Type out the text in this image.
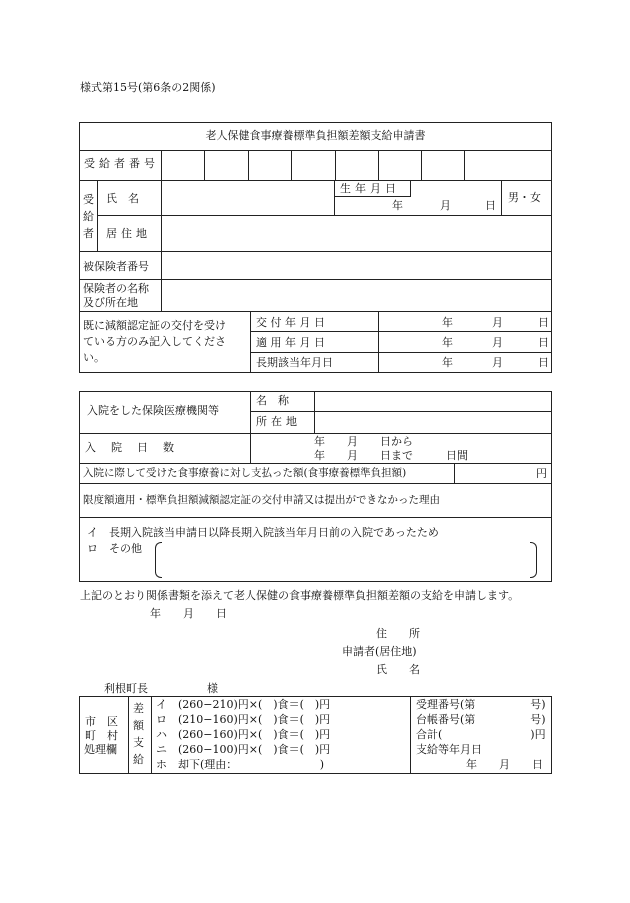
様式第15号(第6条の2関係)
老人保健食事療養標準負担額差額支給申請書
受給者番号
受
給
者
氏　名
生年月日
年	月	日
男・女
居住地
被保険者番号
保険者の名称
及び所在地
既に減額認定証の交付を受け
ている方のみ記入してくださ
い。
交 付 年 月 日	年	月	日
適 用 年 月 日	年	月	日
長期該当年月日	年	月	日
入院をした保険医療機関等
名　称
所在地
入　院　日　数	年　　月　　日から
年　　月　　日まで　　　日間
入院に際して受けた食事療養に対し支払った額(食事療養標準負担額)	円
限度額適用・標準負担額減額認定証の交付申請又は提出ができなかった理由
イ　長期入院該当申請日以降長期入院該当年月日前の入院であったため
ロ　その他
上記のとおり関係書類を添えて老人保健の食事療養標準負担額差額の支給を申請します。
年　　月　　日
住　　所
申請者(居住地)
氏　　名
利根町長	様
市　区
町　村
処理欄
差
額
支
給
イ　(260−210)円×(　)食＝(　)円
ロ　(210−160)円×(　)食＝(　)円
ハ　(260−160)円×(　)食＝(　)円
ニ　(260−100)円×(　)食＝(　)円
ホ　却下(理由：　　　　　　　　)
受理番号(第　　　　　号)
台帳番号(第　　　　　号)
合計(　　　　　　　　)円
支給等年月日
年　　月　　日
